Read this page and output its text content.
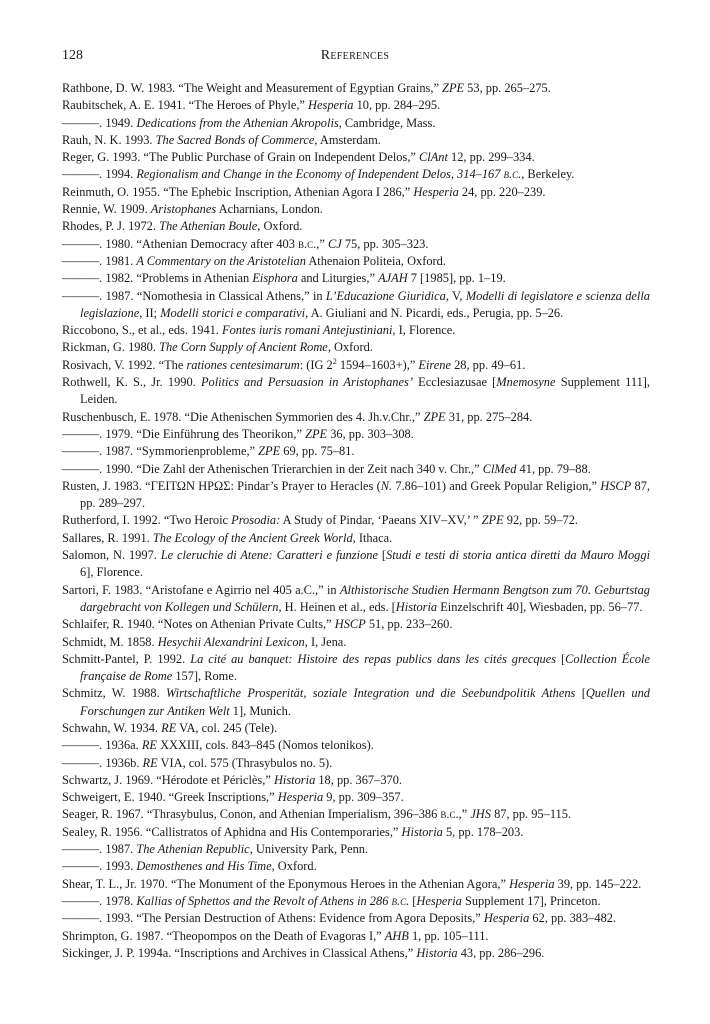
128	References

Rathbone, D. W. 1983. “The Weight and Measurement of Egyptian Grains,” ZPE 53, pp. 265–275.

Raubitschek, A. E. 1941. “The Heroes of Phyle,” Hesperia 10, pp. 284–295.

———. 1949. Dedications from the Athenian Akropolis, Cambridge, Mass.

Rauh, N. K. 1993. The Sacred Bonds of Commerce, Amsterdam.

Reger, G. 1993. “The Public Purchase of Grain on Independent Delos,” ClAnt 12, pp. 299–334.

———. 1994. Regionalism and Change in the Economy of Independent Delos, 314–167 b.c., Berkeley.

Reinmuth, O. 1955. “The Ephebic Inscription, Athenian Agora I 286,” Hesperia 24, pp. 220–239.

Rennie, W. 1909. Aristophanes Acharnians, London.

Rhodes, P. J. 1972. The Athenian Boule, Oxford.

———. 1980. “Athenian Democracy after 403 b.c.,” CJ 75, pp. 305–323.

———. 1981. A Commentary on the Aristotelian Athenaion Politeia, Oxford.

———. 1982. “Problems in Athenian Eisphora and Liturgies,” AJAH 7 [1985], pp. 1–19.

———. 1987. “Nomothesia in Classical Athens,” in L’Educazione Giuridica, V, Modelli di legislatore e scienza della legislazione, II; Modelli storici e comparativi, A. Giuliani and N. Picardi, eds., Perugia, pp. 5–26.

Riccobono, S., et al., eds. 1941. Fontes iuris romani Antejustiniani, I, Florence.

Rickman, G. 1980. The Corn Supply of Ancient Rome, Oxford.

Rosivach, V. 1992. “The rationes centesimarum: (IG $2^2$ 1594–1603+),” Eirene 28, pp. 49–61.

Rothwell, K. S., Jr. 1990. Politics and Persuasion in Aristophanes’ Ecclesiazusae [Mnemosyne Supplement 111], Leiden.

Ruschenbusch, E. 1978. “Die Athenischen Symmorien des 4. Jh.v.Chr.,” ZPE 31, pp. 275–284.

———. 1979. “Die Einführung des Theorikon,” ZPE 36, pp. 303–308.

———. 1987. “Symmorienprobleme,” ZPE 69, pp. 75–81.

———. 1990. “Die Zahl der Athenischen Trierarchien in der Zeit nach 340 v. Chr.,” ClMed 41, pp. 79–88.

Rusten, J. 1983. “ΓΕΙΤΩΝ ΗΡΩΣ: Pindar’s Prayer to Heracles (N. 7.86–101) and Greek Popular Religion,” HSCP 87, pp. 289–297.

Rutherford, I. 1992. “Two Heroic Prosodia: A Study of Pindar, ‘Paeans XIV–XV,’ ” ZPE 92, pp. 59–72.

Sallares, R. 1991. The Ecology of the Ancient Greek World, Ithaca.

Salomon, N. 1997. Le cleruchie di Atene: Caratteri e funzione [Studi e testi di storia antica diretti da Mauro Moggi 6], Florence.

Sartori, F. 1983. “Aristofane e Agirrio nel 405 a.C.,” in Althistorische Studien Hermann Bengtson zum 70. Geburtstag dargebracht von Kollegen und Schülern, H. Heinen et al., eds. [Historia Einzelschrift 40], Wiesbaden, pp. 56–77.

Schlaifer, R. 1940. “Notes on Athenian Private Cults,” HSCP 51, pp. 233–260.

Schmidt, M. 1858. Hesychii Alexandrini Lexicon, I, Jena.

Schmitt-Pantel, P. 1992. La cité au banquet: Histoire des repas publics dans les cités grecques [Collection École française de Rome 157], Rome.

Schmitz, W. 1988. Wirtschaftliche Prosperität, soziale Integration und die Seebundpolitik Athens [Quellen und Forschungen zur Antiken Welt 1], Munich.

Schwahn, W. 1934. RE VA, col. 245 (Tele).

———. 1936a. RE XXXIII, cols. 843–845 (Nomos telonikos).

———. 1936b. RE VIA, col. 575 (Thrasybulos no. 5).

Schwartz, J. 1969. “Hérodote et Périclès,” Historia 18, pp. 367–370.

Schweigert, E. 1940. “Greek Inscriptions,” Hesperia 9, pp. 309–357.

Seager, R. 1967. “Thrasybulus, Conon, and Athenian Imperialism, 396–386 b.c.,” JHS 87, pp. 95–115.

Sealey, R. 1956. “Callistratos of Aphidna and His Contemporaries,” Historia 5, pp. 178–203.

———. 1987. The Athenian Republic, University Park, Penn.

———. 1993. Demosthenes and His Time, Oxford.

Shear, T. L., Jr. 1970. “The Monument of the Eponymous Heroes in the Athenian Agora,” Hesperia 39, pp. 145–222.

———. 1978. Kallias of Sphettos and the Revolt of Athens in 286 b.c. [Hesperia Supplement 17], Princeton.

———. 1993. “The Persian Destruction of Athens: Evidence from Agora Deposits,” Hesperia 62, pp. 383–482.

Shrimpton, G. 1987. “Theopompos on the Death of Evagoras I,” AHB 1, pp. 105–111.

Sickinger, J. P. 1994a. “Inscriptions and Archives in Classical Athens,” Historia 43, pp. 286–296.
